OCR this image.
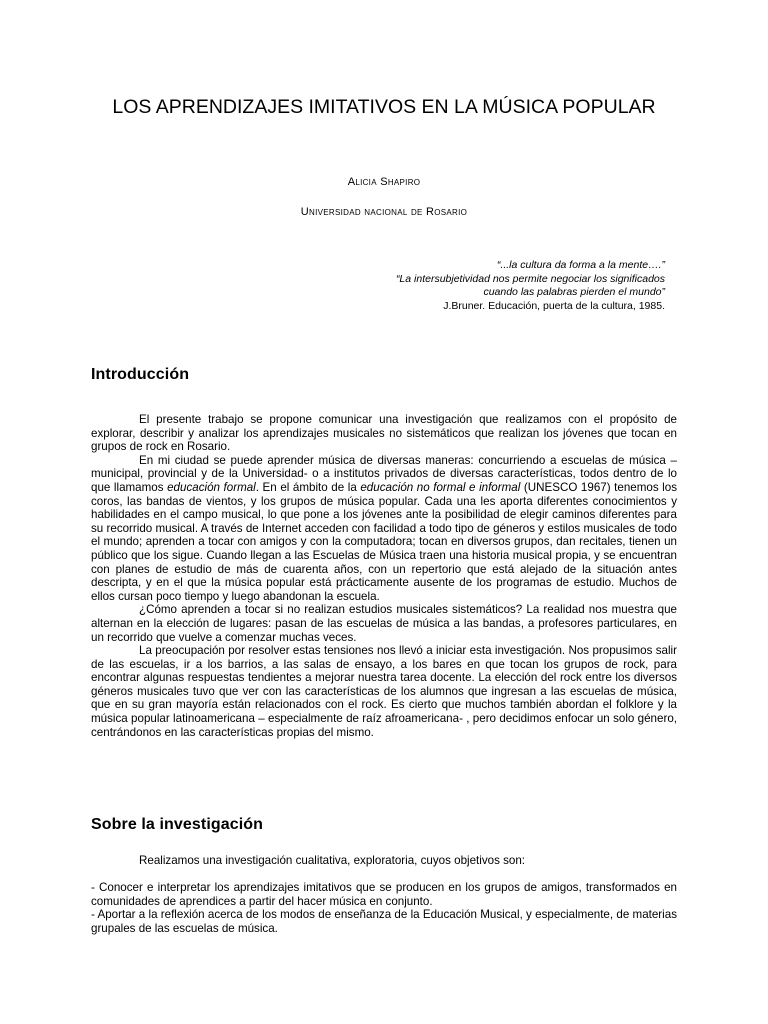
LOS APRENDIZAJES IMITATIVOS EN LA MÚSICA POPULAR
Alicia Shapiro
Universidad nacional de Rosario
“...la cultura da forma a la mente….”
“La intersubjetividad nos permite negociar los significados
cuando las palabras pierden el mundo”
J.Bruner. Educación, puerta de la cultura, 1985.
Introducción

El presente trabajo se propone comunicar una investigación que realizamos con el propósito de explorar, describir y analizar los aprendizajes musicales no sistemáticos que realizan los jóvenes que tocan en grupos de rock en Rosario.

En mi ciudad se puede aprender música de diversas maneras: concurriendo a escuelas de música – municipal, provincial y de la Universidad- o a institutos privados de diversas características, todos dentro de lo que llamamos educación formal. En el ámbito de la educación no formal e informal (UNESCO 1967) tenemos los coros, las bandas de vientos, y los grupos de música popular. Cada una les aporta diferentes conocimientos y habilidades en el campo musical, lo que pone a los jóvenes ante la posibilidad de elegir caminos diferentes para su recorrido musical. A través de Internet acceden con facilidad a todo tipo de géneros y estilos musicales de todo el mundo; aprenden a tocar con amigos y con la computadora; tocan en diversos grupos, dan recitales, tienen un público que los sigue. Cuando llegan a las Escuelas de Música traen una historia musical propia, y se encuentran con planes de estudio de más de cuarenta años, con un repertorio que está alejado de la situación antes descripta, y en el que la música popular está prácticamente ausente de los programas de estudio. Muchos de ellos cursan poco tiempo y luego abandonan la escuela.

¿Cómo aprenden a tocar si no realizan estudios musicales sistemáticos? La realidad nos muestra que alternan en la elección de lugares: pasan de las escuelas de música a las bandas, a profesores particulares, en un recorrido que vuelve a comenzar muchas veces.

La preocupación por resolver estas tensiones nos llevó a iniciar esta investigación. Nos propusimos salir de las escuelas, ir a los barrios, a las salas de ensayo, a los bares en que tocan los grupos de rock, para encontrar algunas respuestas tendientes a mejorar nuestra tarea docente. La elección del rock entre los diversos géneros musicales tuvo que ver con las características de los alumnos que ingresan a las escuelas de música, que en su gran mayoría están relacionados con el rock. Es cierto que muchos también abordan el folklore y la música popular latinoamericana – especialmente de raíz afroamericana- , pero decidimos enfocar un solo género, centrándonos en las características propias del mismo.

Sobre la investigación

Realizamos una investigación cualitativa, exploratoria, cuyos objetivos son:

- Conocer e interpretar los aprendizajes imitativos que se producen en los grupos de amigos, transformados en comunidades de aprendices a partir del hacer música en conjunto.

- Aportar a la reflexión acerca de los modos de enseñanza de la Educación Musical, y especialmente, de materias grupales de las escuelas de música.
